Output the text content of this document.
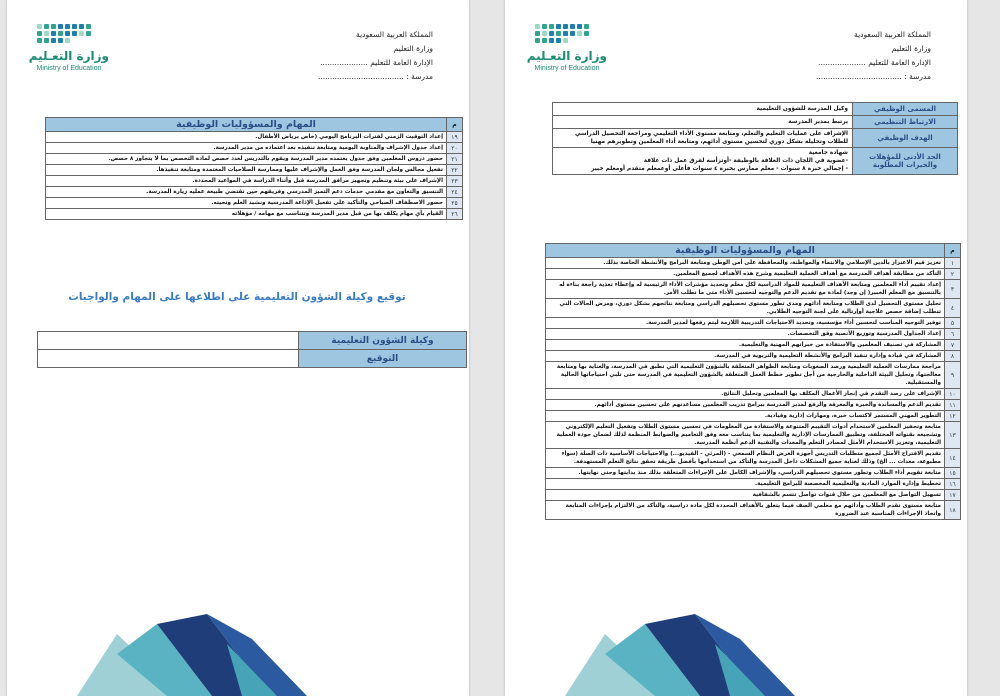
وزارة التعـليم
Ministry of Education
المملكة العربية السعودية
وزارة التعليم
الإدارة العامة للتعليم ....................
مدرسة : ....................................
م	المهام والمسؤوليات الوظيفية
١٩	إعداد التوقيت الزمني لفترات البرنامج اليومي (خاص برياض الأطفال.
٢٠	إعداد جدول الإشراف والمناوبة اليومية ومتابعة تنفيذه بعد اعتماده من مدير المدرسة.
٢١	حضور دروس المعلمين وفق جدول يعتمده مدير المدرسة ويقوم بالتدريس لعدد حصص لمادة التخصص بما لا يتجاوز ٨ حصص.
٢٢	تفعيل مجالس ولجان المدرسة وفق العمل والإشراف عليها وممارسة الصلاحيات المعتمدة ومتابعة تنفيذها.
٢٣	الإشراف على بيئة وتنظيم وتجهيز مرافق المدرسة قبل وأثناء الدراسة في المواعيد المحددة.
٢٤	التنسيق والتعاون مع مقدمي خدمات دعم التميز المدرسي وفريقهم حين تقتضي طبيعة عمليه زيارة المدرسة.
٢٥	حضور الاصطفاف الصباحي والتأكيد على تفعيل الإذاعة المدرسية ونشيد العلم وتحيته.
٢٦	القيام بأي مهام يكلف بها من قبل مدير المدرسة وتتناسب مع مهامه / مؤهلاته
توقيع وكيلة الشؤون التعليمية على اطلاعها على المهام والواجبات
وكيلة الشؤون التعليمية	
التوقيع	
وزارة التعـليم
Ministry of Education
المملكة العربية السعودية
وزارة التعليم
الإدارة العامة للتعليم ....................
مدرسة : ....................................
المسمى الوظيفي	وكيل المدرسة للشؤون التعليمية
الارتباط التنظيمي	يرتبط بمدير المدرسة
الهدف الوظيفي	الإشراف على عمليات التعليم والتعلم، ومتابعة مستوى الأداء التعليمي ومراجعة التحصيل الدراسي للطلاب وتحليله بشكل دوري لتحسين مستوى أدائهم، ومتابعة أداء المعلمين وتطويرهم مهنيا
الحد الأدنى للمؤهلات والخبرات المطلوبة	شهادة جامعية
-عضوية في اللجان ذات العلاقة بالوظيفة -أوتزأسه لفرق عمل ذات علاقة
- إجمالي خبرة ٨ سنوات - معلم ممارس بخبرة ٤ سنوات فأعلى أوعمعلم متقدم أومعلم خبير
م	المهام والمسؤوليات الوظيفية
١	تعزيز قيم الاعتزاز بالدين الإسلامي والانتماء والمواطنة، والمحافظة على أمن الوطن ومتابعة البرامج والأنشطة الخاصة بذلك.
٢	التأكد من مطابقة أهداف المدرسة مع أهداف العملية التعليمية وشرح هذه الأهداف لجميع المعلمين.
٣	إعداد تقييم أداء المعلمين ومتابعة الأهداف التعليمية للمواد الدراسية لكل معلم وتحديد مؤشرات الأداء الرئيسية له وإعطاء تغذية راجعة بناءة له بالتنسيق مع المعلم الخبير( إن وجد) لمادة مع تقديم الدعم والتوجيه لتحسين الأداء متى ما تطلب الأمر.
٤	تحليل مستوى التحصيل لدى الطلاب ومتابعة أدائهم ومدى تطور مستوى تحصيلهم الدراسي ومتابعة نتائجهم بشكل دوري، ومرض الحالات التي تتطلب إضافة حصص علاجية أوإرتالية على لجنة التوجيه الطلابي.
٥	توفير التوجيه المناسب لتحسين أداء مؤسسية، وتحديد الاحتياجات التدريبية اللازمة ليتم رفعها لمدير المدرسة.
٦	إعداد الجداول المدرسية وتوزيع الأنصبة وفق التخصصات.
٧	المشاركة في تصنيف المعلمين والاستفادة من خبراتهم المهنية والتعليمية.
٨	المشاركة في قيادة وإدارة تنفيذ البرامج والأنشطة التعليمية والتربوية في المدرسة.
٩	مراجعة ممارسات العملية التعليمية ورصد الصعوبات ومتابعة الظواهر المتعلقة بالشؤون التعليمية التي تطبق في المدرسة، والعناية بها ومتابعة معالجتها، وتحليل البيئة الداخلية والخارجية من أجل تطوير خطط العمل المتعلقة بالشؤون التعليمية في المدرسة حتى تلبي احتياجاتها الحالية والمستقبلية.
١٠	الإشراف على رصد التقدم في إنجاز الأعمال المكلف بها المعلمين وتحليل النتائج.
١١	تقديم الدعم والمساندة والخبرة والمعرفة والرفع لمدير المدرسة ببرامج تدريب المعلمين مساعدتهم على تحسين مستوى أدائهم.
١٢	التطوير المهني المستمر لاكتساب خبرة، ومهارات إدارية وقيادية.
١٣	متابعة وتحفيز المعلمين لاستخدام أدوات التقييم المتنوعة والاستفادة من المعلومات في تحسين مستوى الطلاب وتفعيل التعليم الإلكتروني وتشجيعه بقنواته المختلفة، وتطبيق الممارسات الإدارية والتعليمية بما يتناسب معه وفق التعاميم والضوابط المنظمة لذلك لضمان جودة العملية التعليمية، وتعزيز الاستخدام الأمثل لمصادر التعلم والمعدات والتقنية الدعم أنظمة المدرسة.
١٤	تقديم الاقتراح الأمثل لجميع متطلبات التدريس أجهزة العرض النظام السمعي - (المرئي - الفيديو...) والاحتياجات الأساسية ذات الصلة (سواء مطبوعة، معدات ... الخ) وذلك لعناية جميع المشكلات داخل المدرسة والتأكد من استخدامها بأفضل طريقة تحقق نتائج التعلم المستهدفة.
١٥	متابعة تقويم أداء الطلاب وتطور مستوى تحصيلهم الدراسي، والإشراف الكامل على الإجراءات المتعلقة بذلك منذ بدايتها وحتى نهايتها.
١٦	تخطيط وإدارة الموارد المادية والتعليمية المخصصة للبرامج التعليمية.
١٧	تسهيل التواصل مع المعلمين من خلال قنوات تواصل تتسم بالشفافية
١٨	متابعة مستوى تقدم الطلاب وأدائهم مع معلمي الصف فيما يتعلق بالأهداف المحددة لكل مادة دراسية، والتأكد من الالتزام بإجراءات المتابعة واتخاذ الإجراءات المناسبة عند الضرورة
